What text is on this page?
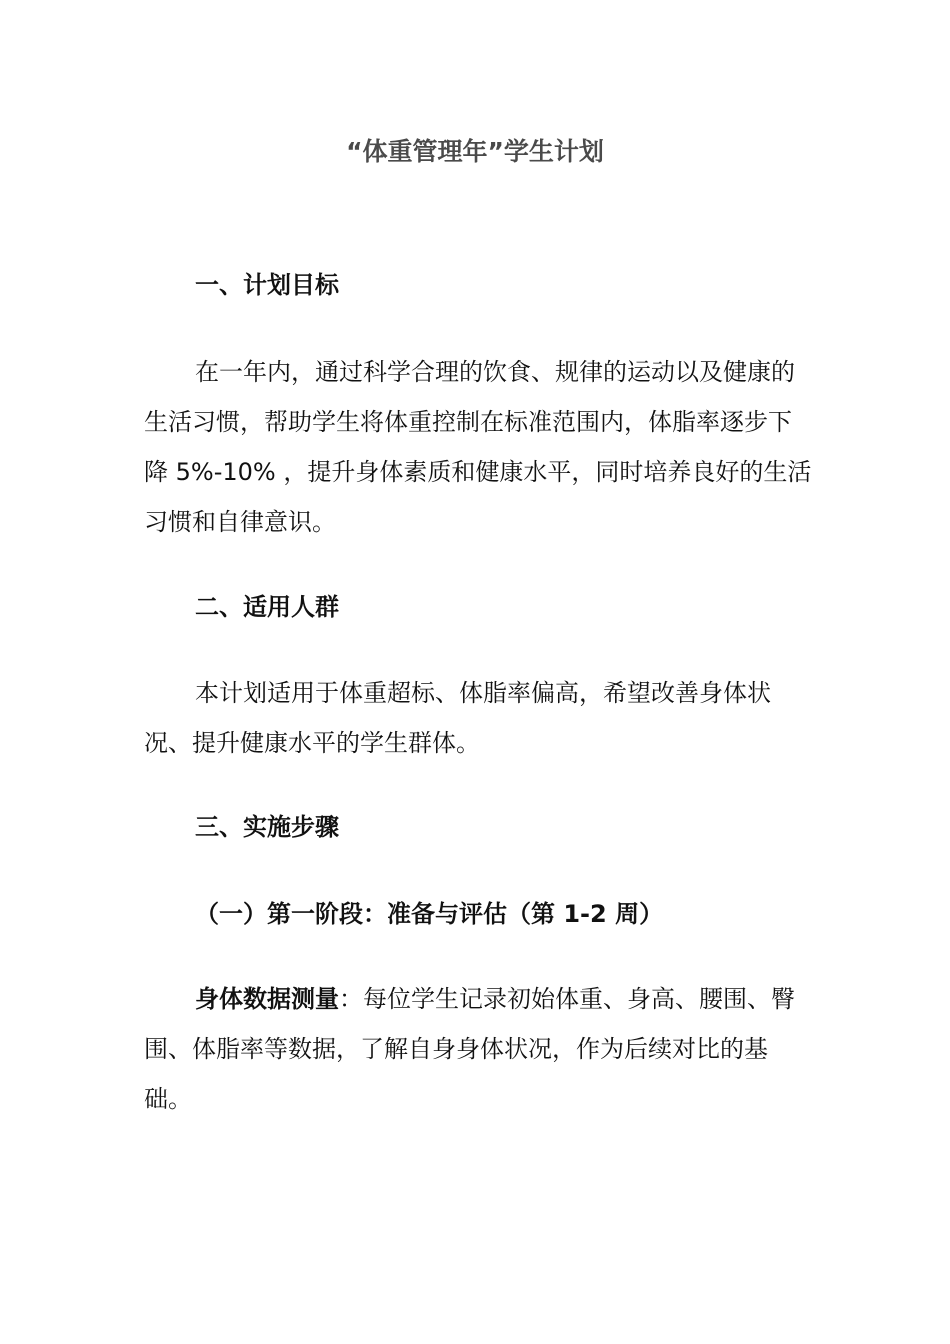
“体重管理年”学生计划
一、计划目标

在一年内，通过科学合理的饮食、规律的运动以及健康的生活习惯，帮助学生将体重控制在标准范围内，体脂率逐步下降 5%-10% ，提升身体素质和健康水平，同时培养良好的生活习惯和自律意识。

二、适用人群

本计划适用于体重超标、体脂率偏高，希望改善身体状况、提升健康水平的学生群体。

三、实施步骤
（一）第一阶段：准备与评估（第 1-2 周）

身体数据测量：每位学生记录初始体重、身高、腰围、臀围、体脂率等数据，了解自身身体状况，作为后续对比的基础。
